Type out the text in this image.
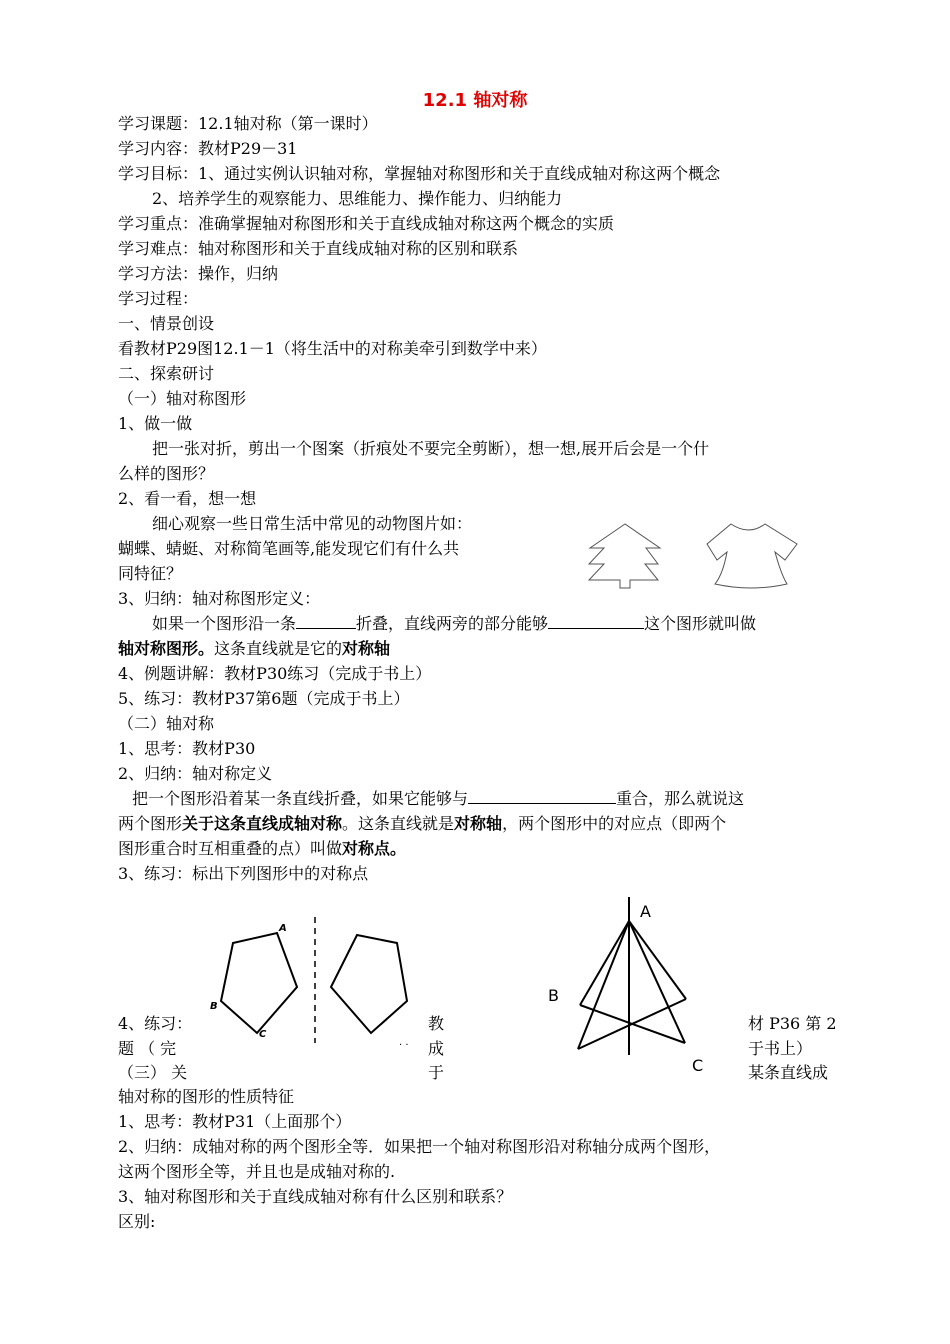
12.1 轴对称
学习课题：12.1轴对称（第一课时）
学习内容：教材P29－31
学习目标：1、通过实例认识轴对称，掌握轴对称图形和关于直线成轴对称这两个概念
2、培养学生的观察能力、思维能力、操作能力、归纳能力
学习重点：准确掌握轴对称图形和关于直线成轴对称这两个概念的实质
学习难点：轴对称图形和关于直线成轴对称的区别和联系
学习方法：操作，归纳
学习过程：
一、情景创设
看教材P29图12.1－1（将生活中的对称美牵引到数学中来）
二、探索研讨
（一）轴对称图形
1、做一做
把一张对折，剪出一个图案（折痕处不要完全剪断），想一想,展开后会是一个什
么样的图形？
2、看一看，想一想
细心观察一些日常生活中常见的动物图片如：
蝴蝶、蜻蜓、对称简笔画等,能发现它们有什么共
同特征？
3、归纳：轴对称图形定义：
如果一个图形沿一条	折叠，直线两旁的部分能够	这个图形就叫做
轴对称图形。这条直线就是它的对称轴
4、例题讲解：教材P30练习（完成于书上）
5、练习：教材P37第6题（完成于书上）
（二）轴对称
1、思考：教材P30
2、归纳：轴对称定义
把一个图形沿着某一条直线折叠，如果它能够与	重合，那么就说这
两个图形关于这条直线成轴对称。这条直线就是对称轴，两个图形中的对应点（即两个
图形重合时互相重叠的点）叫做对称点。
3、练习：标出下列图形中的对称点
A
B
C
· ·
A
B
C
4、练习：	教	材 P36 第 2
题 （ 完	成	于书上）
（三） 关	于	某条直线成
轴对称的图形的性质特征
1、思考：教材P31（上面那个）
2、归纳：成轴对称的两个图形全等．如果把一个轴对称图形沿对称轴分成两个图形，
这两个图形全等，并且也是成轴对称的.
3、轴对称图形和关于直线成轴对称有什么区别和联系？
区别:
